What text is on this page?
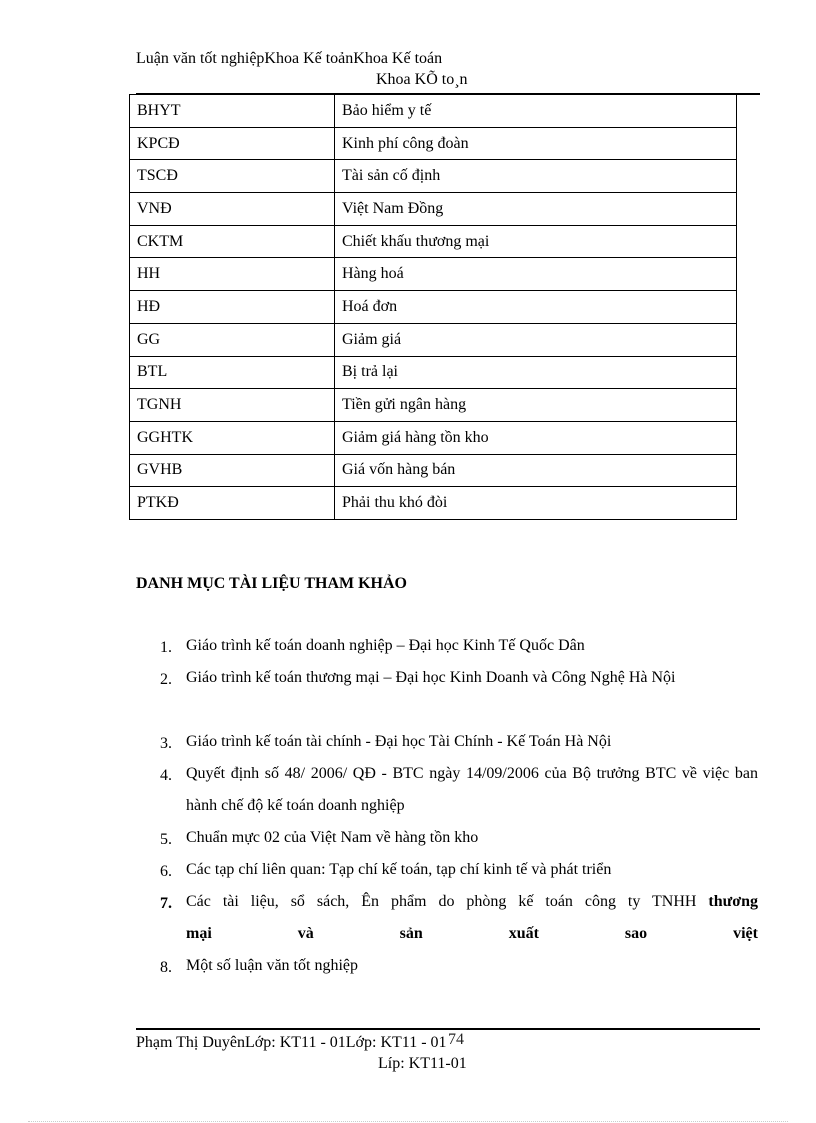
Luận văn tốt nghiệpKhoa Kế toảnKhoa Kế toán
Khoa KÕ to¸n
BHYT	Bảo hiểm y tế
KPCĐ	Kinh phí công đoàn
TSCĐ	Tài sản cố định
VNĐ	Việt Nam Đồng
CKTM	Chiết khấu thương mại
HH	Hàng hoá
HĐ	Hoá đơn
GG	Giảm giá
BTL	Bị trả lại
TGNH	Tiền gửi ngân hàng
GGHTK	Giảm giá hàng tồn kho
GVHB	Giá vốn hàng bán
PTKĐ	Phải thu khó đòi
DANH MỤC TÀI LIỆU THAM KHẢO
1. Giáo trình kế toán doanh nghiệp – Đại học Kinh Tế Quốc Dân
2. Giáo trình kế toán thương mại – Đại học Kinh Doanh và Công Nghệ Hà Nội
3. Giáo trình kế toán tài chính - Đại học Tài Chính - Kế Toán Hà Nội
4. Quyết định số 48/ 2006/ QĐ - BTC ngày 14/09/2006 của Bộ trưởng BTC về việc ban hành chế độ kế toán doanh nghiệp
5. Chuẩn mực 02 của Việt Nam về hàng tồn kho
6. Các tạp chí liên quan: Tạp chí kế toán, tạp chí kinh tế và phát triển
7. Các tài liệu, sổ sách, Ên phẩm do phòng kế toán công ty TNHH thương
mại	và	sản	xuất	sao	việt
8. Một số luận văn tốt nghiệp
Phạm Thị DuyênLớp: KT11 - 01Lớp: KT11 - 01
Líp: KT11-01
74
